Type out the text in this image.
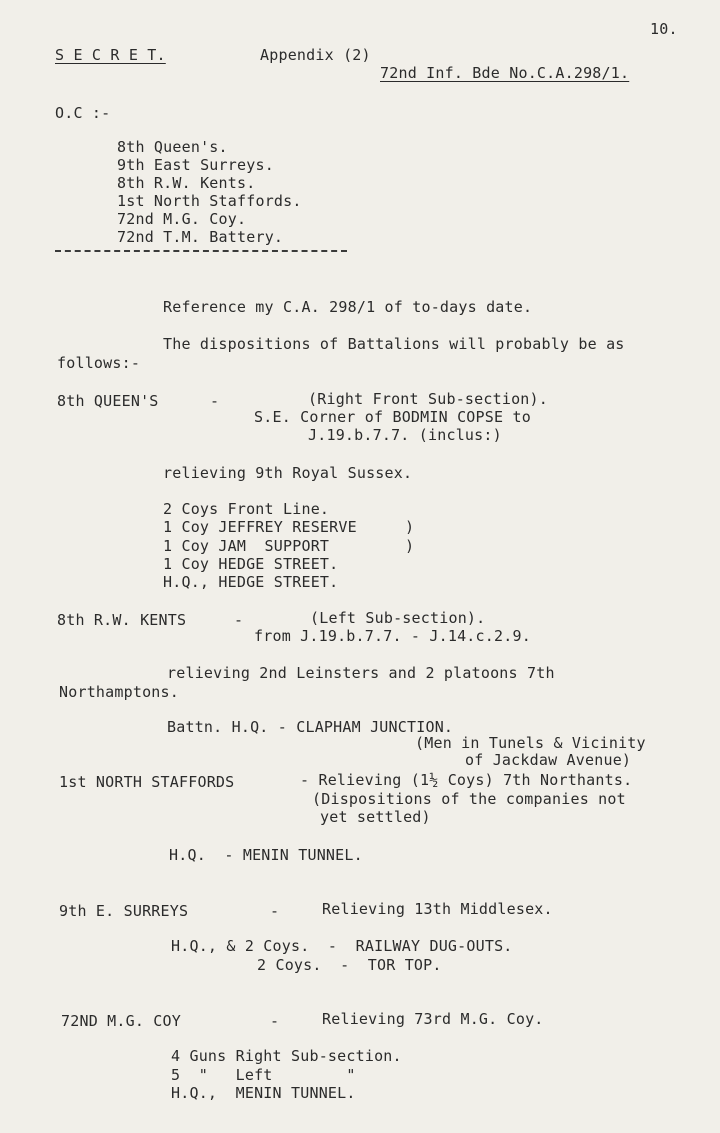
10.
S E C R E T.	Appendix (2)
72nd Inf. Bde No.C.A.298/1.
O.C :-
8th Queen's.
9th East Surreys.
8th R.W. Kents.
1st North Staffords.
72nd M.G. Coy.
72nd T.M. Battery.
Reference my C.A. 298/1 of to-days date.
The dispositions of Battalions will probably be as
follows:-
8th QUEEN'S	-	(Right Front Sub-section).
S.E. Corner of BODMIN COPSE to
J.19.b.7.7. (inclus:)
relieving 9th Royal Sussex.
2 Coys Front Line.
1 Coy JEFFREY RESERVE
1 Coy JAM  SUPPORT
1 Coy HEDGE STREET.
H.Q., HEDGE STREET.
)
)
8th R.W. KENTS	-	(Left Sub-section).
from J.19.b.7.7. - J.14.c.2.9.
relieving 2nd Leinsters and 2 platoons 7th
Northamptons.
Battn. H.Q. - CLAPHAM JUNCTION.
(Men in Tunels & Vicinity
of Jackdaw Avenue)
1st NORTH STAFFORDS	- Relieving (1½ Coys) 7th Northants.
(Dispositions of the companies not
yet settled)
H.Q.  - MENIN TUNNEL.
9th E. SURREYS	-	Relieving 13th Middlesex.
H.Q., & 2 Coys.  -  RAILWAY DUG-OUTS.
2 Coys.  -  TOR TOP.
72ND M.G. COY	-	Relieving 73rd M.G. Coy.
4 Guns Right Sub-section.
5  "   Left        "
H.Q.,  MENIN TUNNEL.
